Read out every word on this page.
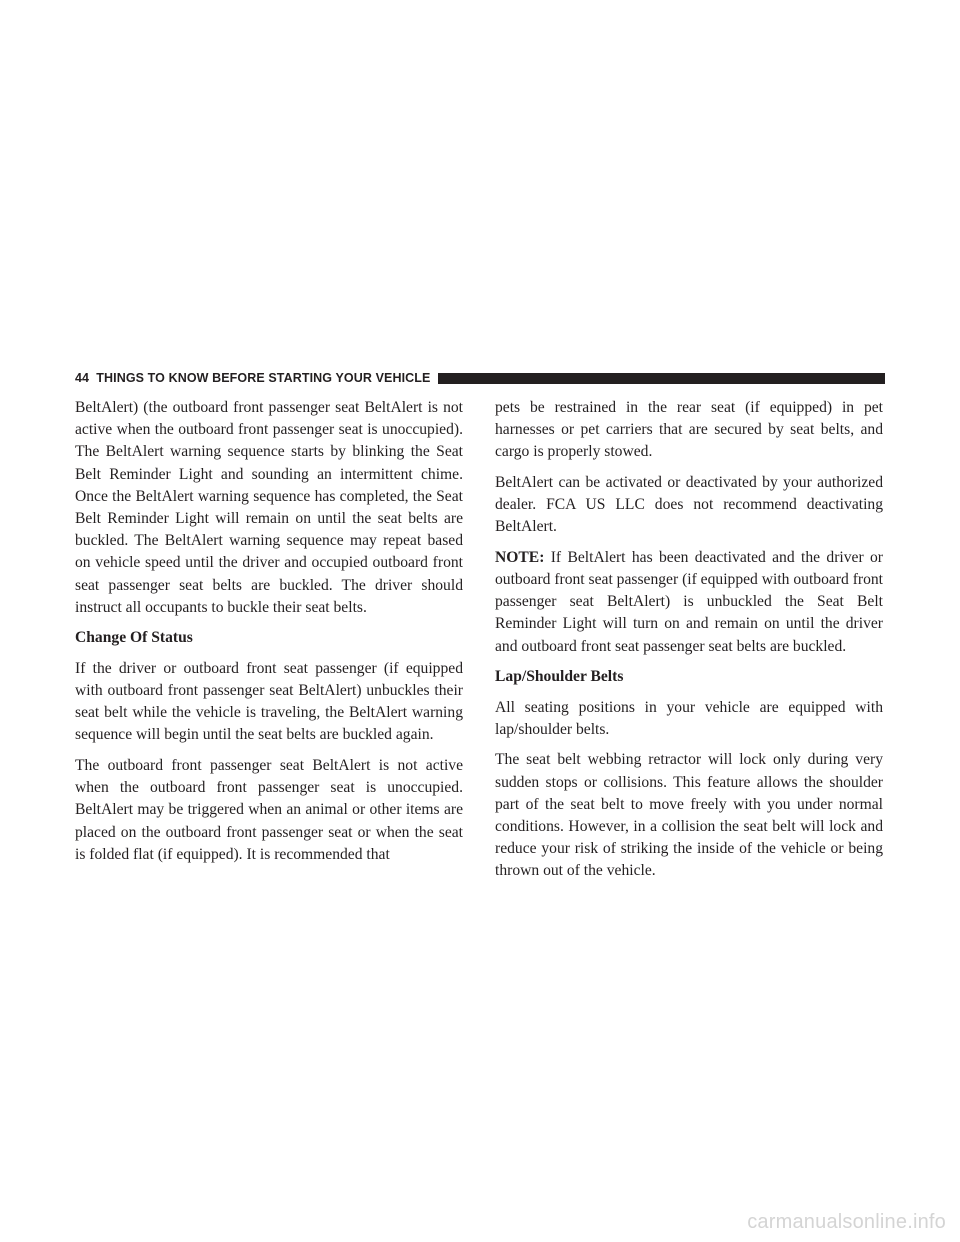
44 THINGS TO KNOW BEFORE STARTING YOUR VEHICLE

BeltAlert) (the outboard front passenger seat BeltAlert is not active when the outboard front passenger seat is unoccupied). The BeltAlert warning sequence starts by blinking the Seat Belt Reminder Light and sounding an intermittent chime. Once the BeltAlert warning sequence has completed, the Seat Belt Reminder Light will remain on until the seat belts are buckled. The BeltAlert warning sequence may repeat based on vehicle speed until the driver and occupied outboard front seat passenger seat belts are buckled. The driver should instruct all occupants to buckle their seat belts.

Change Of Status

If the driver or outboard front seat passenger (if equipped with outboard front passenger seat BeltAlert) unbuckles their seat belt while the vehicle is traveling, the BeltAlert warning sequence will begin until the seat belts are buckled again.

The outboard front passenger seat BeltAlert is not active when the outboard front passenger seat is unoccupied. BeltAlert may be triggered when an animal or other items are placed on the outboard front passenger seat or when the seat is folded flat (if equipped). It is recommended that

pets be restrained in the rear seat (if equipped) in pet harnesses or pet carriers that are secured by seat belts, and cargo is properly stowed.

BeltAlert can be activated or deactivated by your authorized dealer. FCA US LLC does not recommend deactivating BeltAlert.

NOTE: If BeltAlert has been deactivated and the driver or outboard front seat passenger (if equipped with outboard front passenger seat BeltAlert) is unbuckled the Seat Belt Reminder Light will turn on and remain on until the driver and outboard front seat passenger seat belts are buckled.

Lap/Shoulder Belts

All seating positions in your vehicle are equipped with lap/shoulder belts.

The seat belt webbing retractor will lock only during very sudden stops or collisions. This feature allows the shoulder part of the seat belt to move freely with you under normal conditions. However, in a collision the seat belt will lock and reduce your risk of striking the inside of the vehicle or being thrown out of the vehicle.

carmanualsonline.info
